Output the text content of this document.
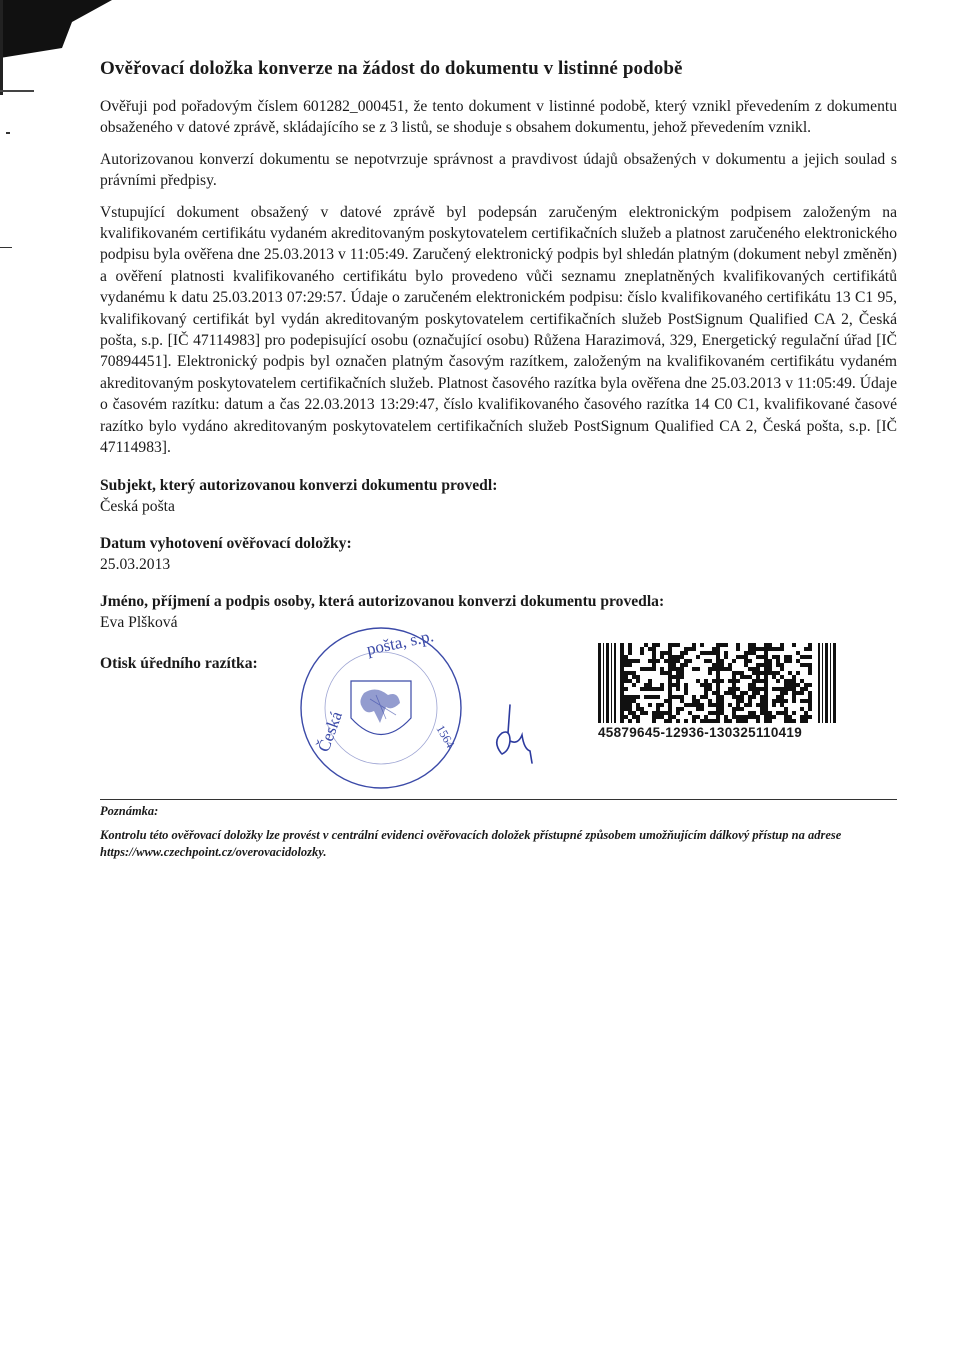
Ověřovací doložka konverze na žádost do dokumentu v listinné podobě

Ověřuji pod pořadovým číslem 601282_000451, že tento dokument v listinné podobě, který vznikl převedením z dokumentu obsaženého v datové zprávě, skládajícího se z 3 listů, se shoduje s obsahem dokumentu, jehož převedením vznikl.

Autorizovanou konverzí dokumentu se nepotvrzuje správnost a pravdivost údajů obsažených v dokumentu a jejich soulad s právními předpisy.

Vstupující dokument obsažený v datové zprávě byl podepsán zaručeným elektronickým podpisem založeným na kvalifikovaném certifikátu vydaném akreditovaným poskytovatelem certifikačních služeb a platnost zaručeného elektronického podpisu byla ověřena dne 25.03.2013 v 11:05:49. Zaručený elektronický podpis byl shledán platným (dokument nebyl změněn) a ověření platnosti kvalifikovaného certifikátu bylo provedeno vůči seznamu zneplatněných kvalifikovaných certifikátů vydanému k datu 25.03.2013 07:29:57. Údaje o zaručeném elektronickém podpisu: číslo kvalifikovaného certifikátu 13 C1 95, kvalifikovaný certifikát byl vydán akreditovaným poskytovatelem certifikačních služeb PostSignum Qualified CA 2, Česká pošta, s.p. [IČ 47114983] pro podepisující osobu (označující osobu) Růžena Harazimová, 329, Energetický regulační úřad [IČ 70894451]. Elektronický podpis byl označen platným časovým razítkem, založeným na kvalifikovaném certifikátu vydaném akreditovaným poskytovatelem certifikačních služeb. Platnost časového razítka byla ověřena dne 25.03.2013 v 11:05:49. Údaje o časovém razítku: datum a čas 22.03.2013 13:29:47, číslo kvalifikovaného časového razítka 14 C0 C1, kvalifikované časové razítko bylo vydáno akreditovaným poskytovatelem certifikačních služeb PostSignum Qualified CA 2, Česká pošta, s.p. [IČ 47114983].

Subjekt, který autorizovanou konverzi dokumentu provedl:
Česká pošta
Datum vyhotovení ověřovací doložky:
25.03.2013
Jméno, příjmení a podpis osoby, která autorizovanou konverzi dokumentu provedla:
Eva Plšková
Otisk úředního razítka:
Česká
pošta, s.p.
1564	45879645-12936-130325110419
Poznámka:
Kontrolu této ověřovací doložky lze provést v centrální evidenci ověřovacích doložek přístupné způsobem umožňujícím dálkový přístup na adrese https://www.czechpoint.cz/overovacidolozky.
